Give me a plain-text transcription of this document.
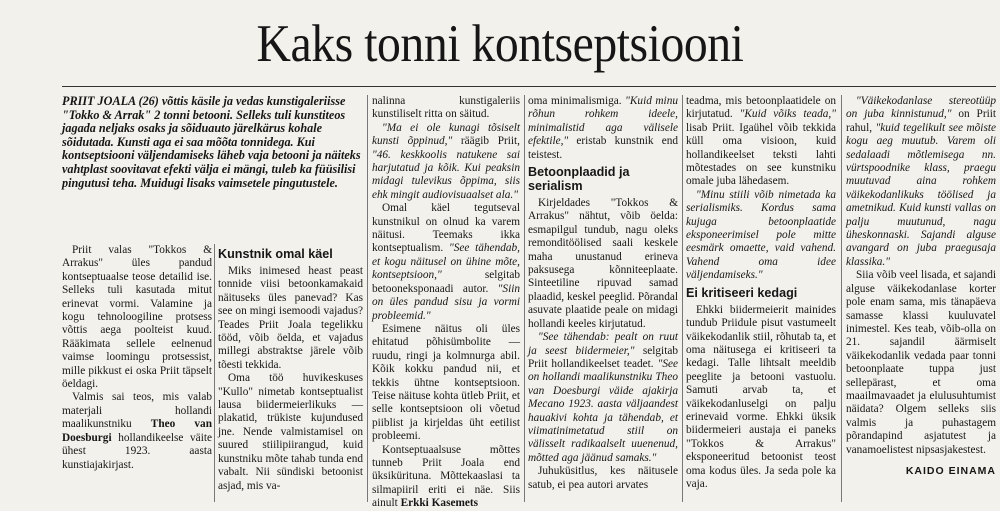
Kaks tonni kontseptsiooni

PRIIT JOALA (26) võttis käsile ja vedas kunstigaleriisse "Tokko & Arrak" 2 tonni betooni. Selleks tuli kunstiteos jagada neljaks osaks ja sõiduauto järelkärus kohale sõidutada. Kunsti aga ei saa mõõta tonnidega. Kui kontseptsiooni väljendamiseks läheb vaja betooni ja näiteks vahtplast soovitavat efekti välja ei mängi, tuleb ka füüsilisi pingutusi teha. Muidugi lisaks vaimsetele pingutustele.

Priit valas "Tokkos & Arrakus" üles pandud kontseptuaalse teose detailid ise. Selleks tuli kasutada mitut erinevat vormi. Valamine ja kogu tehnoloogiline protsess võttis aega poolteist kuud. Rääkimata sellele eelnenud vaimse loomingu protsessist, mille pikkust ei oska Priit täpselt öeldagi.

Valmis sai teos, mis valab materjali hollandi maalikunstniku Theo van Doesburgi hollandikeelse väite ühest 1923. aasta kunstiajakirjast.

Kunstnik omal käel

Miks inimesed heast peast tonnide viisi betoonkamakaid näituseks üles panevad? Kas see on mingi isemoodi vajadus? Teades Priit Joala tegelikku tööd, võib öelda, et vajadus millegi abstraktse järele võib tõesti tekkida.

Oma töö huvikeskuses "Kullo" nimetab kontseptualist lausa biidermeierlikuks — plakatid, trükiste kujundused jne. Nende valmistamisel on suured stiilipiirangud, kuid kunstniku mõte tahab tunda end vabalt. Nii sündiski betoonist asjad, mis va-

nalinna kunstigaleriis kunstiliselt ritta on säitud.

"Ma ei ole kunagi tõsiselt kunsti õppinud," räägib Priit, "46. keskkoolis natukene sai harjutatud ja kõik. Kui peaksin midagi tulevikus õppima, siis ehk mingit audiovisuaalset ala."

Omal käel tegutseval kunstnikul on olnud ka varem näitusi. Teemaks ikka kontseptualism. "See tähendab, et kogu näitusel on ühine mõte, kontseptsioon," selgitab betooneksponaadi autor. "Siin on üles pandud sisu ja vormi probleemid."

Esimene näitus oli üles ehitatud põhisümbolite — ruudu, ringi ja kolmnurga abil. Kõik kokku pandud nii, et tekkis ühtne kontseptsioon. Teise näituse kohta ütleb Priit, et selle kontseptsioon oli võetud piiblist ja kirjeldas üht eetilist probleemi.

Kontseptuaalsuse mõttes tunneb Priit Joala end üksikürituna. Mõttekaaslasi ta silmapiiril eriti ei näe. Siis ainult Erkki Kasemets

oma minimalismiga. "Kuid minu rõhun rohkem ideele, minimalistid aga välisele efektile," eristab kunstnik end teistest.

Betoonplaadid ja serialism

Kirjeldades "Tokkos & Arrakus" nähtut, võib öelda: esmapilgul tundub, nagu oleks remonditöölised saali keskele maha unustanud erineva paksusega kõnniteeplaate. Sinteetiline ripuvad samad plaadid, keskel peeglid. Põrandal asuvate plaatide peale on midagi hollandi keeles kirjutatud.

"See tähendab: pealt on ruut ja seest biidermeier," selgitab Priit hollandikeelset teadet. "See on hollandi maalikunstniku Theo van Doesburgi väide ajakirja Mecano 1923. aasta väljaandest hauakivi kohta ja tähendab, et viimatinimetatud stiil on välisselt radikaalselt uuenenud, mõtted aga jäänud samaks."

Juhuküsitlus, kes näitusele satub, ei pea autori arvates

teadma, mis betoonplaatidele on kirjutatud. "Kuid võiks teada," lisab Priit. Igaühel võib tekkida küll oma visioon, kuid hollandikeelset teksti lahti mõtestades on see kunstniku omale juba lähedasem.

"Minu stiili võib nimetada ka serialismiks. Kordus sama kujuga betoonplaatide eksponeerimisel pole mitte eesmärk omaette, vaid vahend. Vahend oma idee väljendamiseks."

Ei kritiseeri kedagi

Ehkki biidermeierit mainides tundub Priidule pisut vastumeelt väikekodanlik stiil, rõhutab ta, et oma näitusega ei kritiseeri ta kedagi. Talle lihtsalt meeldib peeglite ja betooni vastuolu. Samuti arvab ta, et väikekodanluselgi on palju erinevaid vorme. Ehkki üksik biidermeieri austaja ei paneks "Tokkos & Arrakus" eksponeeritud betoonist teost oma kodus üles. Ja seda pole ka vaja.

"Väikekodanlase stereotüüp on juba kinnistunud," on Priit rahul, "kuid tegelikult see mõiste kogu aeg muutub. Varem oli sedalaadi mõtlemisega nn. vürtspoodnike klass, praegu muutuvad aina rohkem väikekodanlikuks töölised ja ametnikud. Kuid kunsti vallas on palju muutunud, nagu üheskonnaski. Sajandi alguse avangard on juba praegusaja klassika."

Siia võib veel lisada, et sajandi alguse väikekodanlase korter pole enam sama, mis tänapäeva samasse klassi kuuluvatel inimestel. Kes teab, võib-olla on 21. sajandil äärmiselt väikekodanlik vedada paar tonni betoonplaate tuppa just sellepärast, et oma maailmavaadet ja elulusuhtumist näidata? Olgem selleks siis valmis ja puhastagem põrandapind asjatutest ja vanamoelistest nipsasjakestest.

KAIDO EINAMA
